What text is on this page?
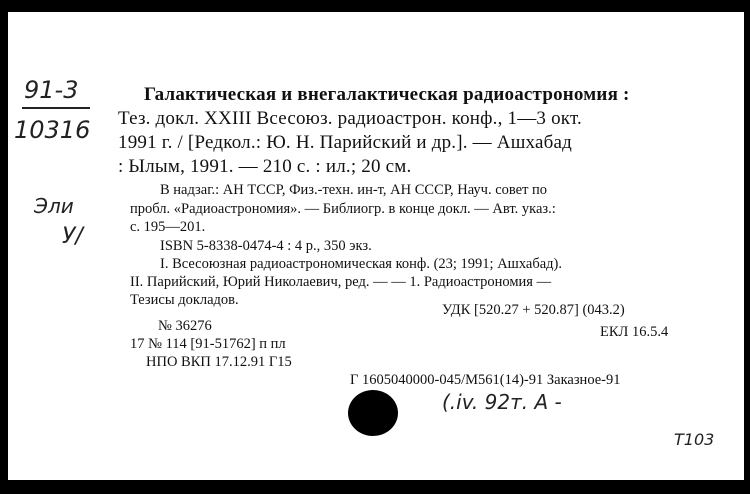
91-3
10316
Эли
У/
Галактическая и внегалактическая радиоастрономия :
Тез. докл. XXIII Всесоюз. радиоастрон. конф., 1—3 окт.
1991 г. / [Редкол.: Ю. Н. Парийский и др.]. — Ашхабад
: Ылым, 1991. — 210 с. : ил.; 20 см.
В надзаг.: АН ТССР, Физ.-техн. ин-т, АН СССР, Науч. совет по
пробл. «Радиоастрономия». — Библиогр. в конце докл. — Авт. указ.:
с. 195—201.
ISBN 5-8338-0474-4 : 4 р., 350 экз.
I. Всесоюзная радиоастрономическая конф. (23; 1991; Ашхабад).
II. Парийский, Юрий Николаевич, ред. — — 1. Радиоастрономия —
Тезисы докладов.
УДК [520.27 + 520.87] (043.2)
№ 36276	ЕКЛ 16.5.4
17 № 114 [91-51762] п пл
НПО ВКП 17.12.91 Г15
Г 1605040000-045/М561(14)-91 Заказное-91
(.iv. 92т. А -
Т103
